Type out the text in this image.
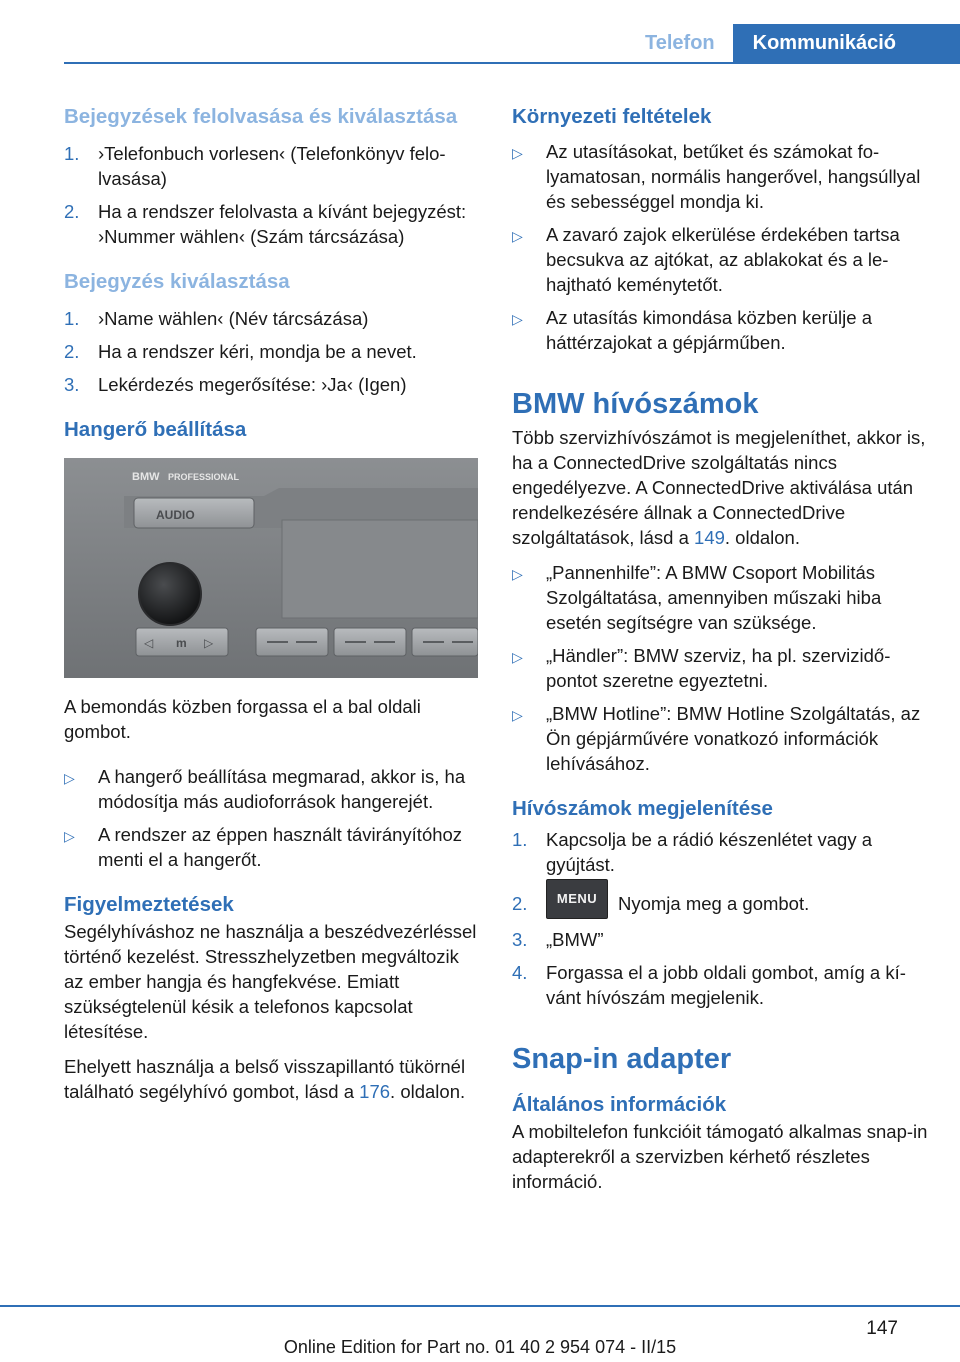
Telefon	Kommunikáció
Bejegyzések felolvasása és kiválasztása
1. ›Telefonbuch vorlesen‹ (Telefonkönyv felolvasása)
2. Ha a rendszer felolvasta a kívánt bejegyzést: ›Nummer wählen‹ (Szám tárcsázása)
Bejegyzés kiválasztása
1. ›Name wählen‹ (Név tárcsázása)
2. Ha a rendszer kéri, mondja be a nevet.
3. Lekérdezés megerősítése: ›Ja‹ (Igen)
Hangerő beállítása
BMW PROFESSIONAL
AUDIO
◁ m ▷

A bemondás közben forgassa el a bal oldali gombot.

▷ A hangerő beállítása megmarad, akkor is, ha módosítja más audioforrások hangerejét.
▷ A rendszer az éppen használt távirányítóhoz menti el a hangerőt.
Figyelmeztetések

Segélyhíváshoz ne használja a beszédvezérléssel történő kezelést. Stresszhelyzetben megváltozik az ember hangja és hangfekvése. Emiatt szükségtelenül késik a telefonos kapcsolat létesítése.

Ehelyett használja a belső visszapillantó tükörnél található segélyhívó gombot, lásd a 176. oldalon.

Környezeti feltételek
▷ Az utasításokat, betűket és számokat folyamatosan, normális hangerővel, hangsúllyal és sebességgel mondja ki.
▷ A zavaró zajok elkerülése érdekében tartsa becsukva az ajtókat, az ablakokat és a lehajtható keménytetőt.
▷ Az utasítás kimondása közben kerülje a háttérzajokat a gépjárműben.
BMW hívószámok

Több szervizhívószámot is megjeleníthet, akkor is, ha a ConnectedDrive szolgáltatás nincs engedélyezve. A ConnectedDrive aktiválása után rendelkezésére állnak a ConnectedDrive szolgáltatások, lásd a 149. oldalon.

▷ „Pannenhilfe”: A BMW Csoport Mobilitás Szolgáltatása, amennyiben műszaki hiba esetén segítségre van szüksége.
▷ „Händler”: BMW szerviz, ha pl. szervizidőpontot szeretne egyeztetni.
▷ „BMW Hotline”: BMW Hotline Szolgáltatás, az Ön gépjárművére vonatkozó információk lehívásához.
Hívószámok megjelenítése
1. Kapcsolja be a rádió készenlétet vagy a gyújtást.
2. MENU Nyomja meg a gombot.
3. „BMW”
4. Forgassa el a jobb oldali gombot, amíg a kívánt hívószám megjelenik.
Snap-in adapter
Általános információk

A mobiltelefon funkcióit támogató alkalmas snap-in adapterekről a szervizben kérhető részletes információ.

147
Online Edition for Part no. 01 40 2 954 074 - II/15
